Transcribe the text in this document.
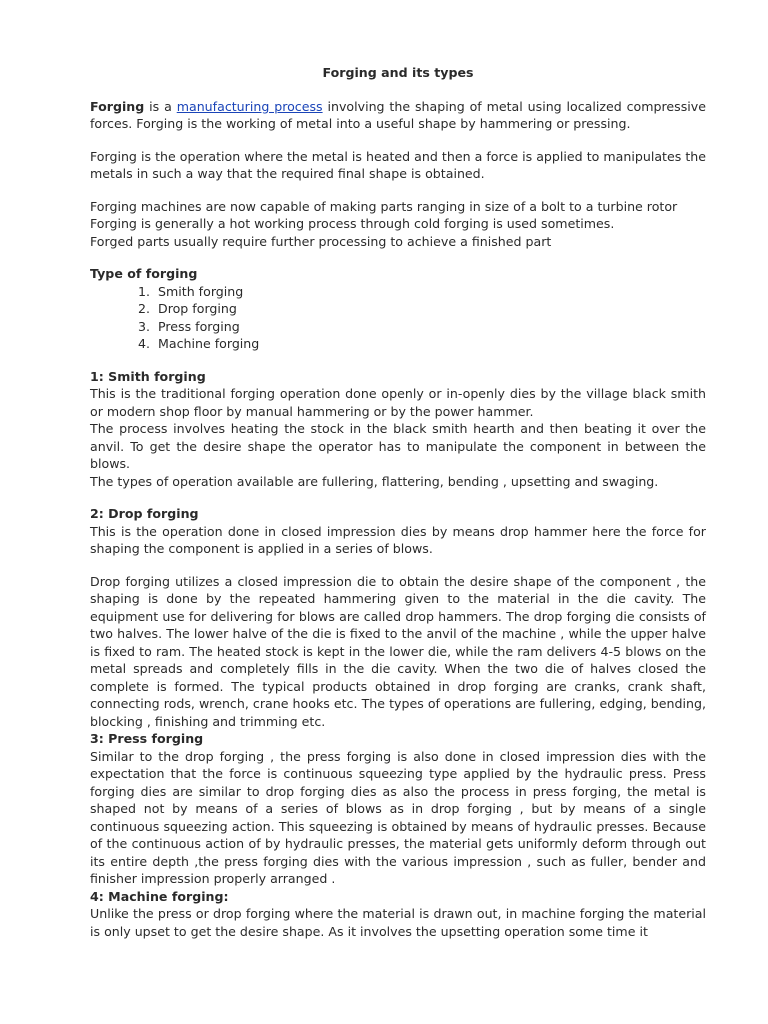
Forging and its types

Forging is a manufacturing process involving the shaping of metal using localized compressive forces. Forging is the working of metal into a useful shape by hammering or pressing.

Forging is the operation where the metal is heated and then a force is applied to manipulates the metals in such a way that the required final shape is obtained.

Forging machines are now capable of making parts ranging in size of a bolt to a turbine rotor

Forging is generally a hot working process through cold forging is used sometimes.

Forged parts usually require further processing to achieve a finished part

Type of forging

1. Smith forging
2. Drop forging
3. Press forging
4. Machine forging

1: Smith forging

This is the traditional forging operation done openly or in-openly dies by the village black smith or modern shop floor by manual hammering or by the power hammer.

The process involves heating the stock in the black smith hearth and then beating it over the anvil. To get the desire shape the operator has to manipulate the component in between the blows.

The types of operation available are fullering, flattering, bending , upsetting and swaging.

2: Drop forging

This is the operation done in closed impression dies by means drop hammer here the force for shaping the component is applied in a series of blows.

Drop forging utilizes a closed impression die to obtain the desire shape of the component , the shaping is done by the repeated hammering given to the material in the die cavity. The equipment use for delivering for blows are called drop hammers. The drop forging die consists of two halves. The lower halve of the die is fixed to the anvil of the machine , while the upper halve is fixed to ram. The heated stock is kept in the lower die, while the ram delivers 4-5 blows on the metal spreads and completely fills in the die cavity. When the two die of halves closed the complete is formed. The typical products obtained in drop forging are cranks, crank shaft, connecting rods, wrench, crane hooks etc. The types of operations are fullering, edging, bending, blocking , finishing and trimming etc.

3: Press forging

Similar to the drop forging , the press forging is also done in closed impression dies with the expectation that the force is continuous squeezing type applied by the hydraulic press. Press forging dies are similar to drop forging dies as also the process in press forging, the metal is shaped not by means of a series of blows as in drop forging , but by means of a single continuous squeezing action. This squeezing is obtained by means of hydraulic presses. Because of the continuous action of by hydraulic presses, the material gets uniformly deform through out its entire depth ,the press forging dies with the various impression , such as fuller, bender and finisher impression properly arranged .

4: Machine forging:

Unlike the press or drop forging where the material is drawn out, in machine forging the material is only upset to get the desire shape. As it involves the upsetting operation some time it
